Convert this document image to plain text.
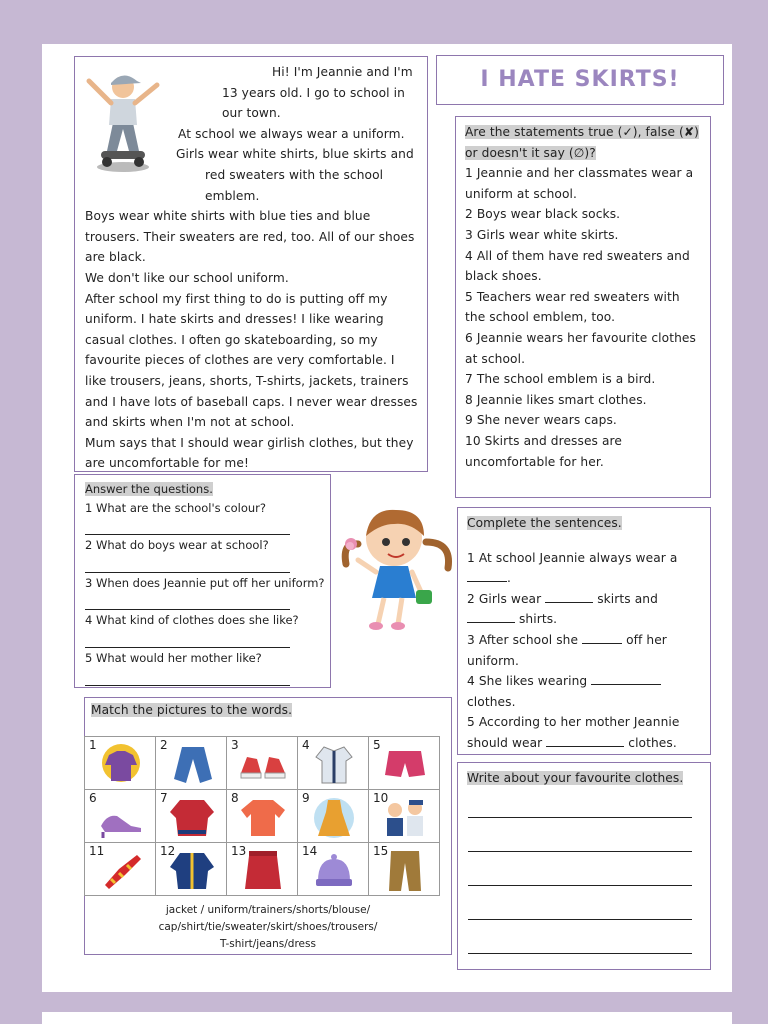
Hi! I'm Jeannie and I'm
13 years old. I go to school in
our town.
At school we always wear a uniform.
Girls wear white shirts, blue skirts and
red sweaters with the school emblem.
Boys wear white shirts with blue ties and blue
trousers. Their sweaters are red, too. All of our shoes
are black.
We don't like our school uniform.
After school my first thing to do is putting off my
uniform. I hate skirts and dresses! I like wearing
casual clothes. I often go skateboarding, so my
favourite pieces of clothes are very comfortable. I
like trousers, jeans, shorts, T-shirts, jackets, trainers
and I have lots of baseball caps. I never wear dresses
and skirts when I'm not at school.
Mum says that I should wear girlish clothes, but they
are uncomfortable for me!
I HATE SKIRTS!
Are the statements true (✓), false (✘)
or doesn't it say (∅)?
1 Jeannie and her classmates wear a
uniform at school.
2 Boys wear black socks.
3 Girls wear white skirts.
4 All of them have red sweaters and
black shoes.
5 Teachers wear red sweaters with
the school emblem, too.
6 Jeannie wears her favourite clothes
at school.
7 The school emblem is a bird.
8 Jeannie likes smart clothes.
9 She never wears caps.
10 Skirts and dresses are
uncomfortable for her.
Answer the questions.
1 What are the school's colour?
2 What do boys wear at school?
3 When does Jeannie put off her uniform?
4 What kind of clothes does she like?
5 What would her mother like?
Complete the sentences.
1 At school Jeannie always wear a
.
2 Girls wear	skirts and
shirts.
3 After school she	off her
uniform.
4 She likes wearing
clothes.
5 According to her mother Jeannie
should wear	clothes.
Write about your favourite clothes.
Match the pictures to the words.
1	2	3	4	5

6	7	8	9	10

11	12	13	14	15
jacket / uniform/trainers/shorts/blouse/
cap/shirt/tie/sweater/skirt/shoes/trousers/
T-shirt/jeans/dress
